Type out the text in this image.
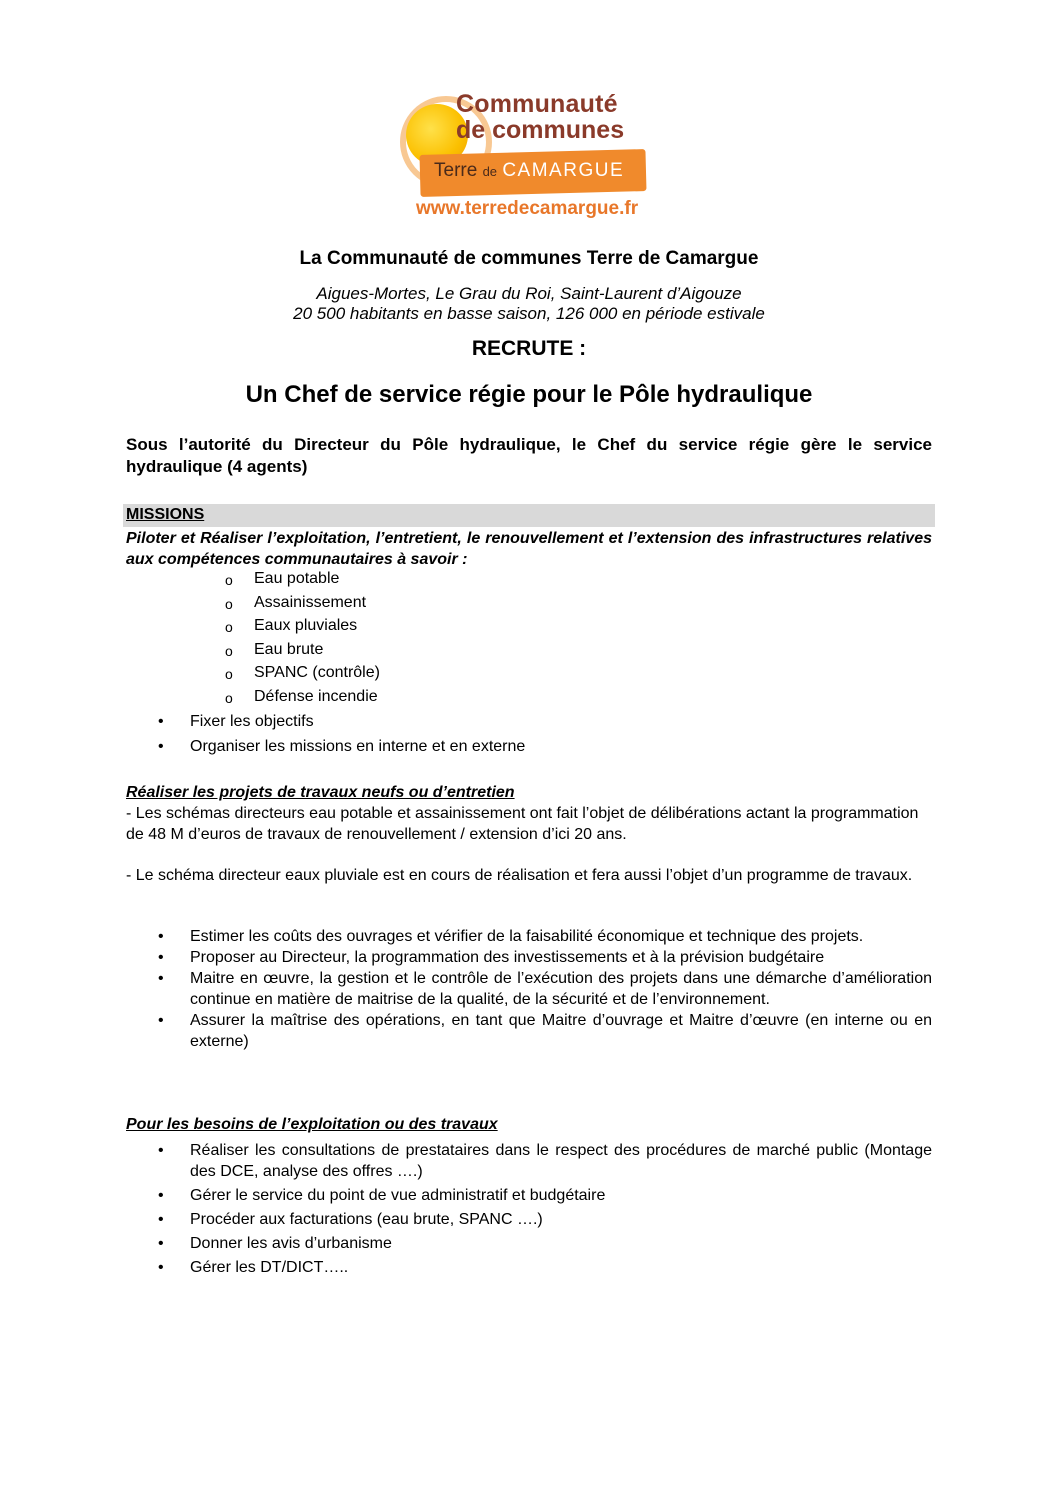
Communauté
de communes
Terre de CAMARGUE
www.terredecamargue.fr
La Communauté de communes Terre de Camargue
Aigues-Mortes, Le Grau du Roi, Saint-Laurent d’Aigouze
20 500 habitants en basse saison, 126 000 en période estivale
RECRUTE :
Un Chef de service régie pour le Pôle hydraulique
Sous l’autorité du Directeur du Pôle hydraulique, le Chef du service régie gère le service hydraulique (4 agents)
MISSIONS
Piloter et Réaliser l’exploitation, l’entretient, le renouvellement et l’extension des infrastructures relatives aux compétences communautaires à savoir :
o Eau potable
o Assainissement
o Eaux pluviales
o Eau brute
o SPANC (contrôle)
o Défense incendie
• Fixer les objectifs
• Organiser les missions en interne et en externe
Réaliser les projets de travaux neufs ou d’entretien
- Les schémas directeurs eau potable et assainissement ont fait l’objet de délibérations actant la programmation de 48 M d’euros de travaux de renouvellement / extension d’ici 20 ans.
- Le schéma directeur eaux pluviale est en cours de réalisation et fera aussi l’objet d’un programme de travaux.
• Estimer les coûts des ouvrages et vérifier de la faisabilité économique et technique des projets.
• Proposer au Directeur, la programmation des investissements et à la prévision budgétaire
• Maitre en œuvre, la gestion et le contrôle de l’exécution des projets dans une démarche d’amélioration continue en matière de maitrise de la qualité, de la sécurité et de l’environnement.
• Assurer la maîtrise des opérations, en tant que Maitre d’ouvrage et Maitre d’œuvre (en interne ou en externe)
Pour les besoins de l’exploitation ou des travaux
• Réaliser les consultations de prestataires dans le respect des procédures de marché public (Montage des DCE, analyse des offres ….)
• Gérer le service du point de vue administratif et budgétaire
• Procéder aux facturations (eau brute, SPANC ….)
• Donner les avis d’urbanisme
• Gérer les DT/DICT…..
